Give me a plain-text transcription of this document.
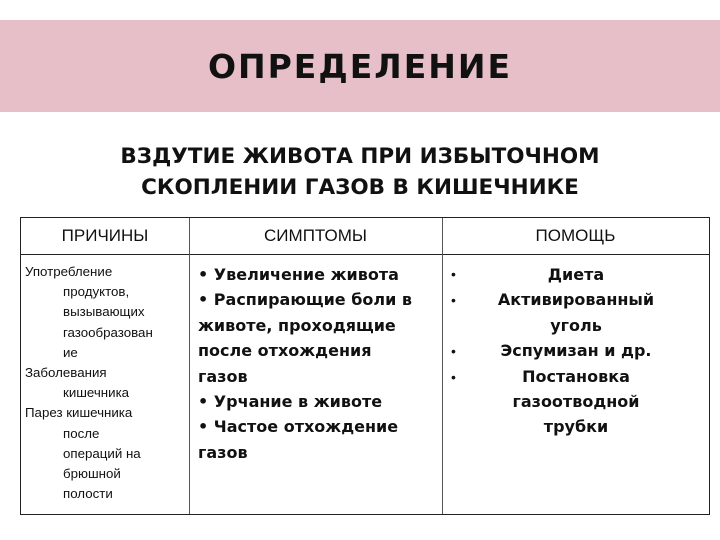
ОПРЕДЕЛЕНИЕ
ВЗДУТИЕ ЖИВОТА ПРИ ИЗБЫТОЧНОМ
СКОПЛЕНИИ ГАЗОВ В КИШЕЧНИКЕ
ПРИЧИНЫ	СИМПТОМЫ	ПОМОЩЬ
Употребление
продуктов,
вызывающих
газообразован
ие
Заболевания
кишечника
Парез кишечника
после
операций на
брюшной
полости
• Увеличение живота
• Распирающие боли в
животе, проходящие
после отхождения
газов
• Урчание в животе
• Частое отхождение
газов
•
•
•
•
Диета
Активированный
уголь
Эспумизан и др.
Постановка
газоотводной
трубки
